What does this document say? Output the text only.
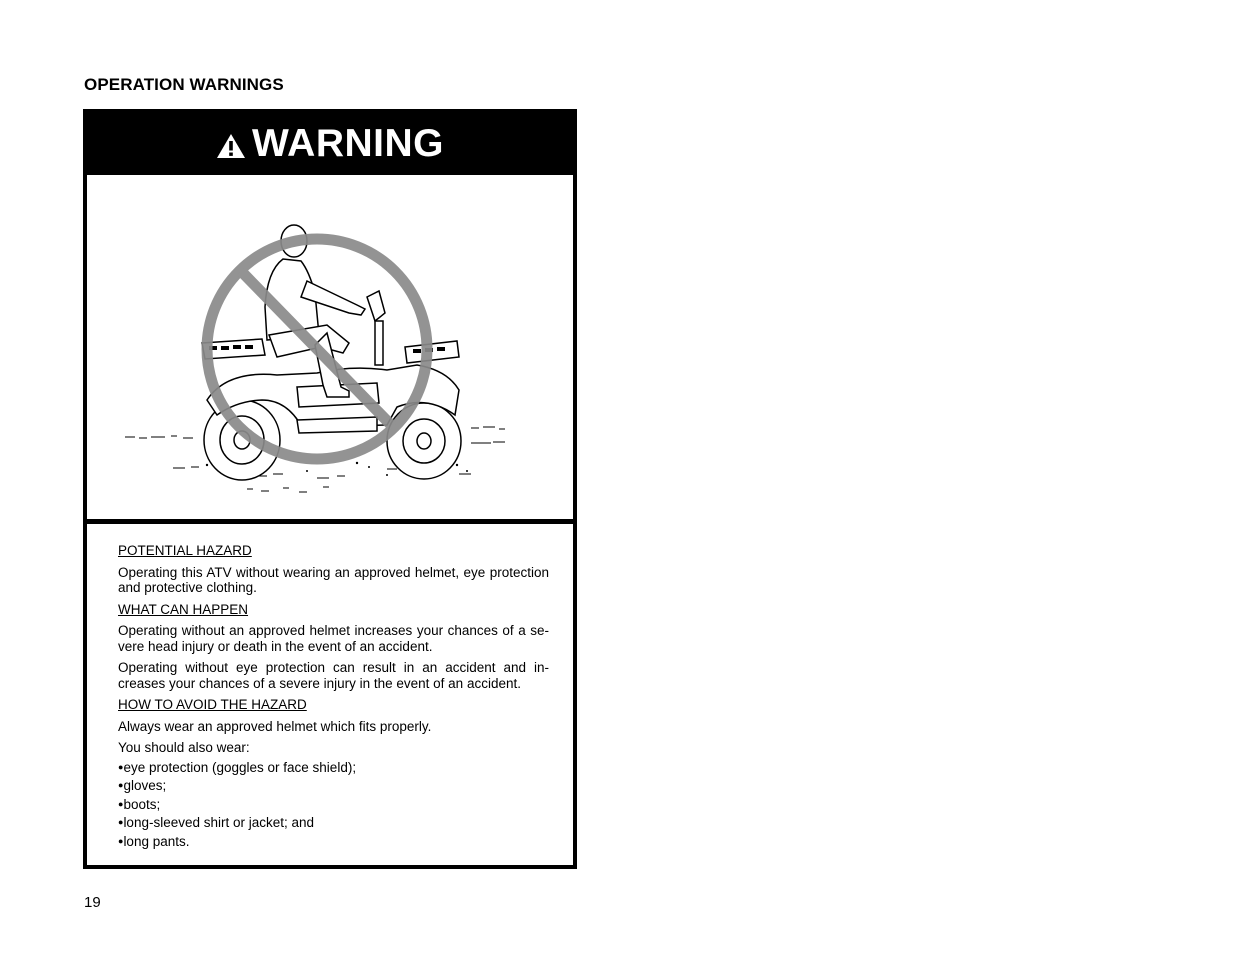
OPERATION WARNINGS
WARNING

POTENTIAL HAZARD

Operating this ATV without wearing an approved helmet, eye protection and protective clothing.

WHAT CAN HAPPEN

Operating without an approved helmet increases your chances of a se-vere head injury or death in the event of an accident.

Operating without eye protection can result in an accident and in-creases your chances of a severe injury in the event of an accident.

HOW TO AVOID THE HAZARD

Always wear an approved helmet which fits properly.

You should also wear:

● eye protection (goggles or face shield);

● gloves;

● boots;

● long-sleeved shirt or jacket; and

● long pants.

19
